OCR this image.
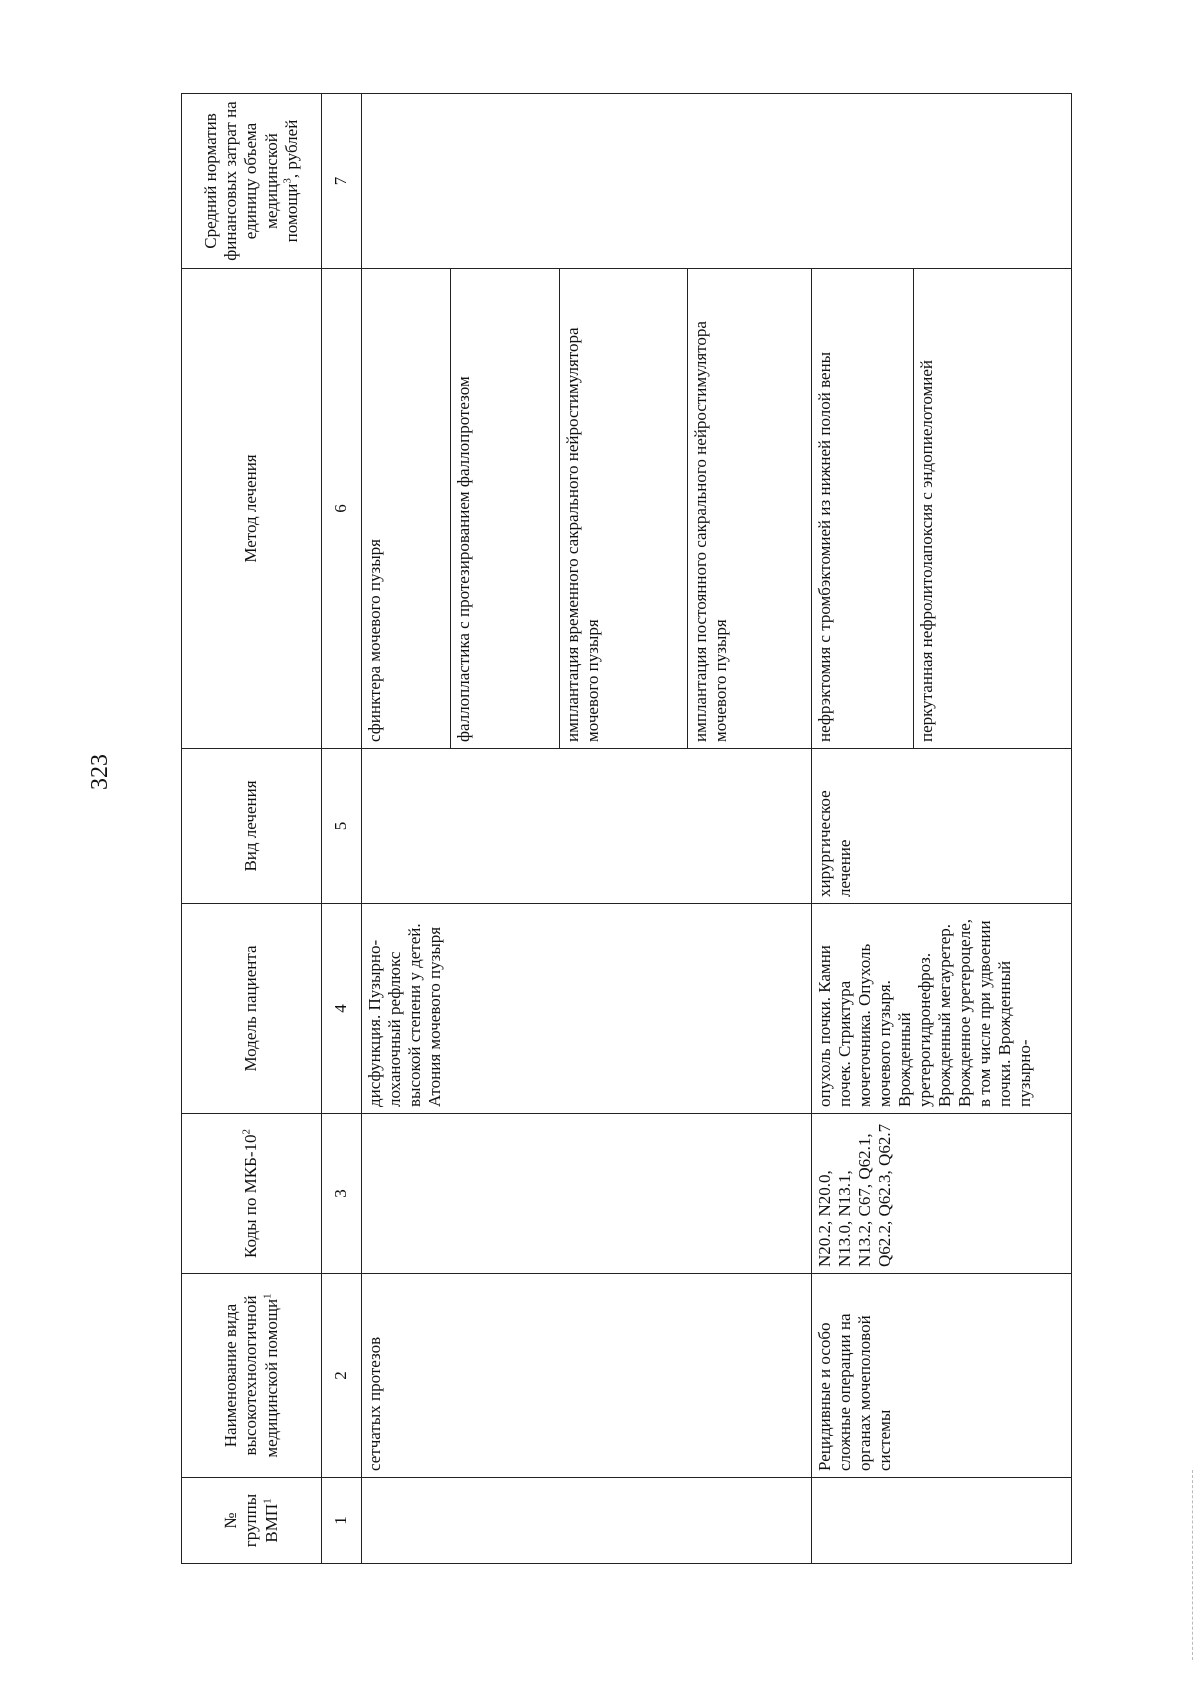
323
№ группы ВМП$^1$	Наименование вида высокотехнологичной медицинской помощи$^1$	Коды по МКБ-$10^2$	Модель пациента	Вид лечения	Метод лечения	Средний норматив финансовых затрат на единицу объема медицинской помощи$^3$, рублей
1	2	3	4	5	6	7
	сетчатых протезов		дисфункция. Пузырно-лоханочный рефлюкс высокой степени у детей. Атония мочевого пузыря		сфинктера мочевого пузыря	
					фаллопластика с протезированием фаллопротезом	
					имплантация временного сакрального нейростимулятора мочевого пузыря	
					имплантация постоянного сакрального нейростимулятора мочевого пузыря	
	Рецидивные и особо сложные операции на органах мочеполовой системы	N20.2, N20.0, N13.0, N13.1, N13.2, C67, Q62.1, Q62.2, Q62.3, Q62.7	опухоль почки. Камни почек. Стриктура мочеточника. Опухоль мочевого пузыря. Врожденный уретерогидронефроз. Врожденный мегауретер. Врожденное уретероцеле, в том числе при удвоении почки. Врожденный пузырно-	хирургическое лечение	нефрэктомия с тромбэктомией из нижней полой вены	
					перкутанная нефролитолапоксия с эндопиелотомией	
